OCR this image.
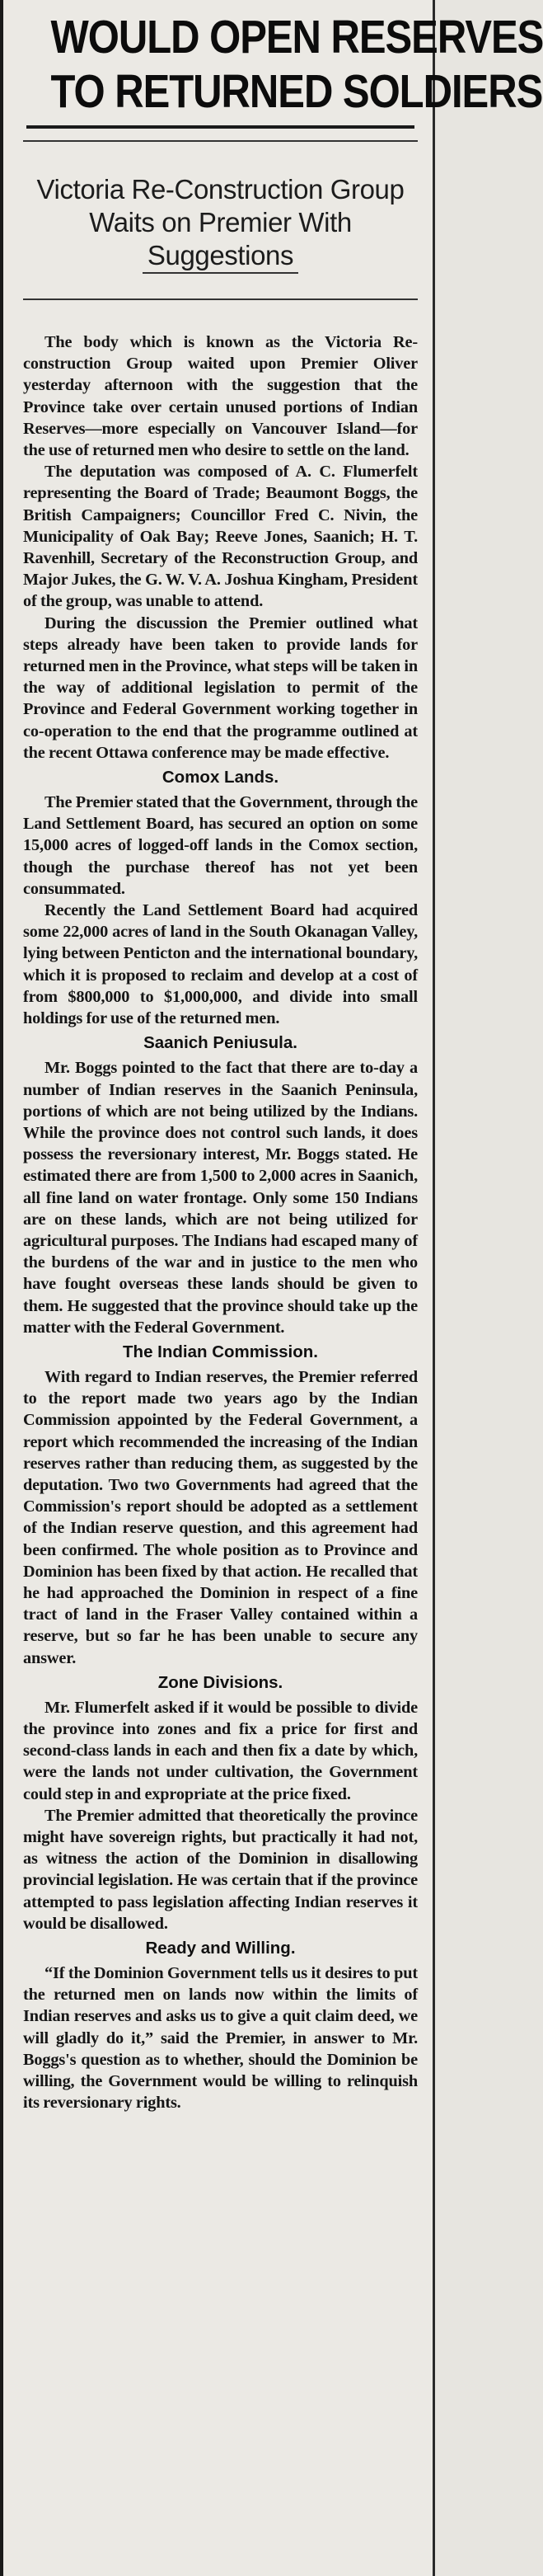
WOULD OPEN RESERVES
TO RETURNED SOLDIERS
Victoria Re-Construction Group
Waits on Premier With
Suggestions

The body which is known as the Victoria Re-construction Group waited upon Premier Oliver yesterday afternoon with the suggestion that the Province take over certain unused portions of Indian Reserves—more especially on Vancouver Island—for the use of returned men who desire to settle on the land.

The deputation was composed of A. C. Flumerfelt representing the Board of Trade; Beaumont Boggs, the British Campaigners; Councillor Fred C. Nivin, the Municipality of Oak Bay; Reeve Jones, Saanich; H. T. Ravenhill, Secretary of the Reconstruction Group, and Major Jukes, the G. W. V. A. Joshua Kingham, President of the group, was unable to attend.

During the discussion the Premier outlined what steps already have been taken to provide lands for returned men in the Province, what steps will be taken in the way of additional legislation to permit of the Province and Federal Government working together in co-operation to the end that the programme outlined at the recent Ottawa conference may be made effective.

Comox Lands.

The Premier stated that the Government, through the Land Settlement Board, has secured an option on some 15,000 acres of logged-off lands in the Comox section, though the purchase thereof has not yet been consummated.

Recently the Land Settlement Board had acquired some 22,000 acres of land in the South Okanagan Valley, lying between Penticton and the international boundary, which it is proposed to reclaim and develop at a cost of from $800,000 to $1,000,000, and divide into small holdings for use of the returned men.

Saanich Peniusula.

Mr. Boggs pointed to the fact that there are to-day a number of Indian reserves in the Saanich Peninsula, portions of which are not being utilized by the Indians. While the province does not control such lands, it does possess the reversionary interest, Mr. Boggs stated. He estimated there are from 1,500 to 2,000 acres in Saanich, all fine land on water frontage. Only some 150 Indians are on these lands, which are not being utilized for agricultural purposes. The Indians had escaped many of the burdens of the war and in justice to the men who have fought overseas these lands should be given to them. He suggested that the province should take up the matter with the Federal Government.

The Indian Commission.

With regard to Indian reserves, the Premier referred to the report made two years ago by the Indian Commission appointed by the Federal Government, a report which recommended the increasing of the Indian reserves rather than reducing them, as suggested by the deputation. Two two Governments had agreed that the Commission's report should be adopted as a settlement of the Indian reserve question, and this agreement had been confirmed. The whole position as to Province and Dominion has been fixed by that action. He recalled that he had approached the Dominion in respect of a fine tract of land in the Fraser Valley contained within a reserve, but so far he has been unable to secure any answer.

Zone Divisions.

Mr. Flumerfelt asked if it would be possible to divide the province into zones and fix a price for first and second-class lands in each and then fix a date by which, were the lands not under cultivation, the Government could step in and expropriate at the price fixed.

The Premier admitted that theoretically the province might have sovereign rights, but practically it had not, as witness the action of the Dominion in disallowing provincial legislation. He was certain that if the province attempted to pass legislation affecting Indian reserves it would be disallowed.

Ready and Willing.

“If the Dominion Government tells us it desires to put the returned men on lands now within the limits of Indian reserves and asks us to give a quit claim deed, we will gladly do it,” said the Premier, in answer to Mr. Boggs's question as to whether, should the Dominion be willing, the Government would be willing to relinquish its reversionary rights.
